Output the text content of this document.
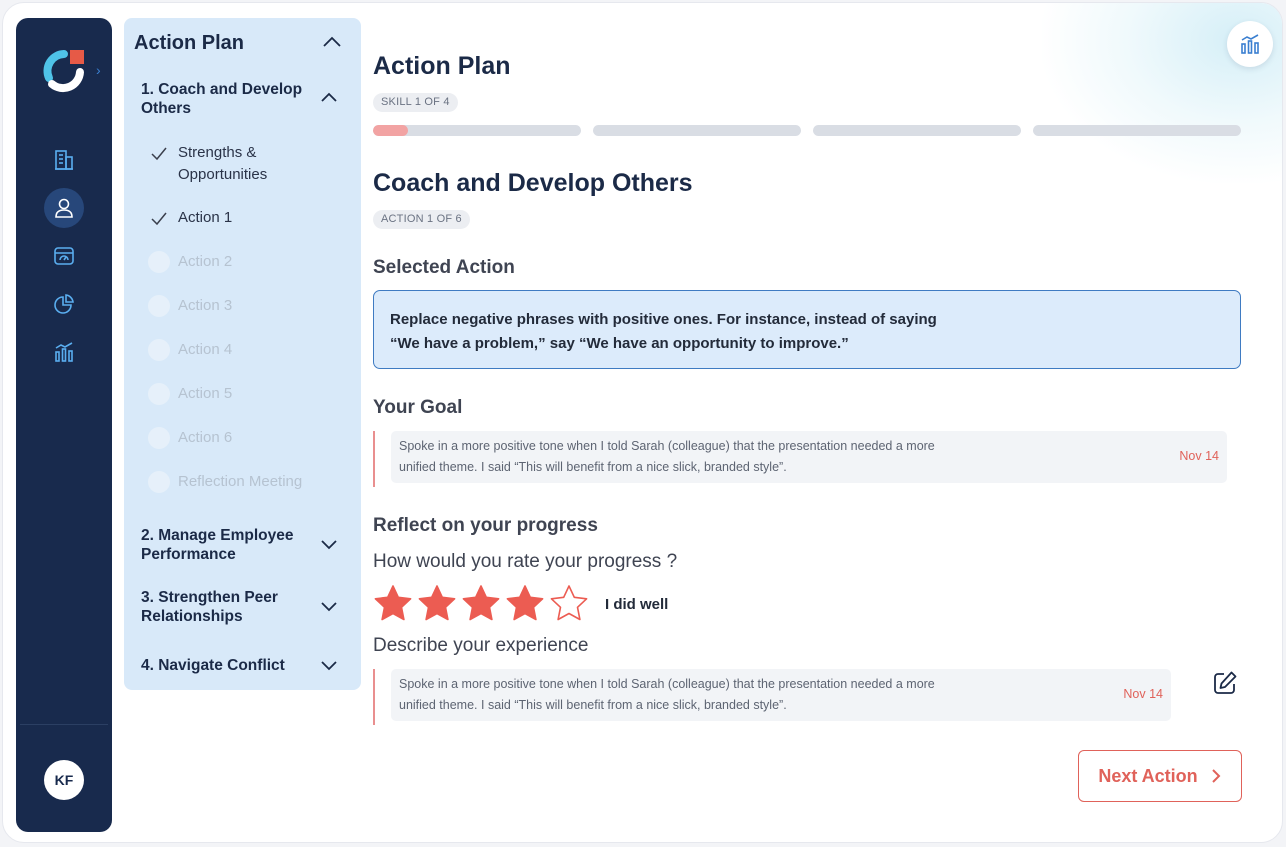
›
KF
Action Plan
1. Coach and Develop Others
Strengths & Opportunities
Action 1
Action 2
Action 3
Action 4
Action 5
Action 6
Reflection Meeting
2. Manage Employee Performance
3. Strengthen Peer Relationships
4. Navigate Conflict
Action Plan
SKILL 1 OF 4
Coach and Develop Others
ACTION 1 OF 6
Selected Action
Replace negative phrases with positive ones. For instance, instead of saying
“We have a problem,” say “We have an opportunity to improve.”
Your Goal
Spoke in a more positive tone when I told Sarah (colleague) that the presentation needed a more
unified theme. I said “This will benefit from a nice slick, branded style”.
Nov 14
Reflect on your progress
How would you rate your progress ?
I did well
Describe your experience
Spoke in a more positive tone when I told Sarah (colleague) that the presentation needed a more
unified theme. I said “This will benefit from a nice slick, branded style”.
Nov 14
Next Action
